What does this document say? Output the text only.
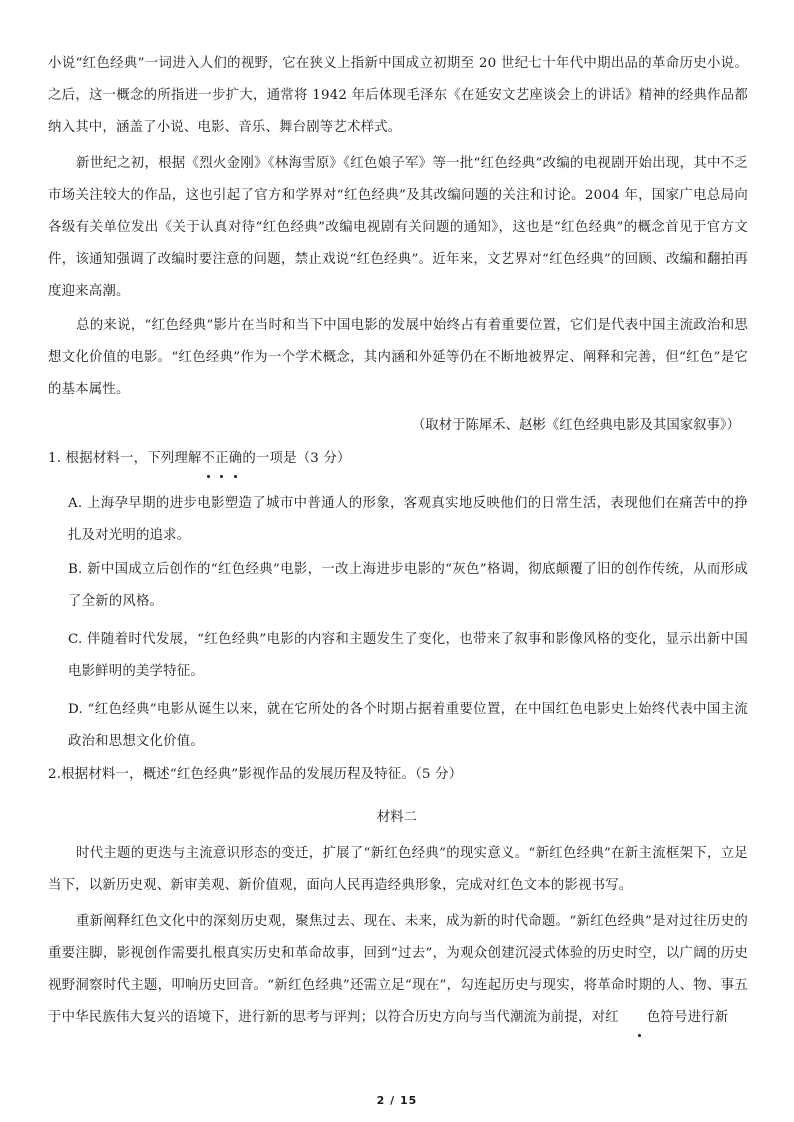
小说“红色经典”一词进入人们的视野，它在狭义上指新中国成立初期至 20 世纪七十年代中期出品的革命历史小说。之后，这一概念的所指进一步扩大，通常将 1942 年后体现毛泽东《在延安文艺座谈会上的讲话》精神的经典作品都纳入其中，涵盖了小说、电影、音乐、舞台剧等艺术样式。

新世纪之初，根据《烈火金刚》《林海雪原》《红色娘子军》等一批“红色经典”改编的电视剧开始出现，其中不乏市场关注较大的作品，这也引起了官方和学界对“红色经典”及其改编问题的关注和讨论。2004 年，国家广电总局向各级有关单位发出《关于认真对待“红色经典”改编电视剧有关问题的通知》，这也是“红色经典”的概念首见于官方文件，该通知强调了改编时要注意的问题，禁止戏说“红色经典”。近年来，文艺界对“红色经典”的回顾、改编和翻拍再度迎来高潮。

总的来说，“红色经典”影片在当时和当下中国电影的发展中始终占有着重要位置，它们是代表中国主流政治和思想文化价值的电影。“红色经典”作为一个学术概念，其内涵和外延等仍在不断地被界定、阐释和完善，但“红色”是它的基本属性。

（取材于陈犀禾、赵彬《红色经典电影及其国家叙事》）

1. 根据材料一，下列理解不正确的一项是（3 分）

A. 上海孕早期的进步电影塑造了城市中普通人的形象，客观真实地反映他们的日常生活，表现他们在痛苦中的挣扎及对光明的追求。

B. 新中国成立后创作的“红色经典”电影，一改上海进步电影的“灰色”格调，彻底颠覆了旧的创作传统，从而形成了全新的风格。

C. 伴随着时代发展，“红色经典”电影的内容和主题发生了变化，也带来了叙事和影像风格的变化，显示出新中国电影鲜明的美学特征。

D. “红色经典”电影从诞生以来，就在它所处的各个时期占据着重要位置，在中国红色电影史上始终代表中国主流政治和思想文化价值。

2.根据材料一，概述“红色经典”影视作品的发展历程及特征。（5 分）

材料二

时代主题的更迭与主流意识形态的变迁，扩展了“新红色经典”的现实意义。“新红色经典”在新主流框架下，立足当下，以新历史观、新审美观、新价值观，面向人民再造经典形象，完成对红色文本的影视书写。

重新阐释红色文化中的深刻历史观，聚焦过去、现在、未来，成为新的时代命题。“新红色经典”是对过往历史的重要注脚，影视创作需要扎根真实历史和革命故事，回到“过去”，为观众创建沉浸式体验的历史时空，以广阔的历史视野洞察时代主题，叩响历史回音。“新红色经典”还需立足“现在”，勾连起历史与现实，将革命时期的人、物、事五于中华民族伟大复兴的语境下，进行新的思考与评判；以符合历史方向与当代潮流为前提，对红 色符号进行新

2 / 15
